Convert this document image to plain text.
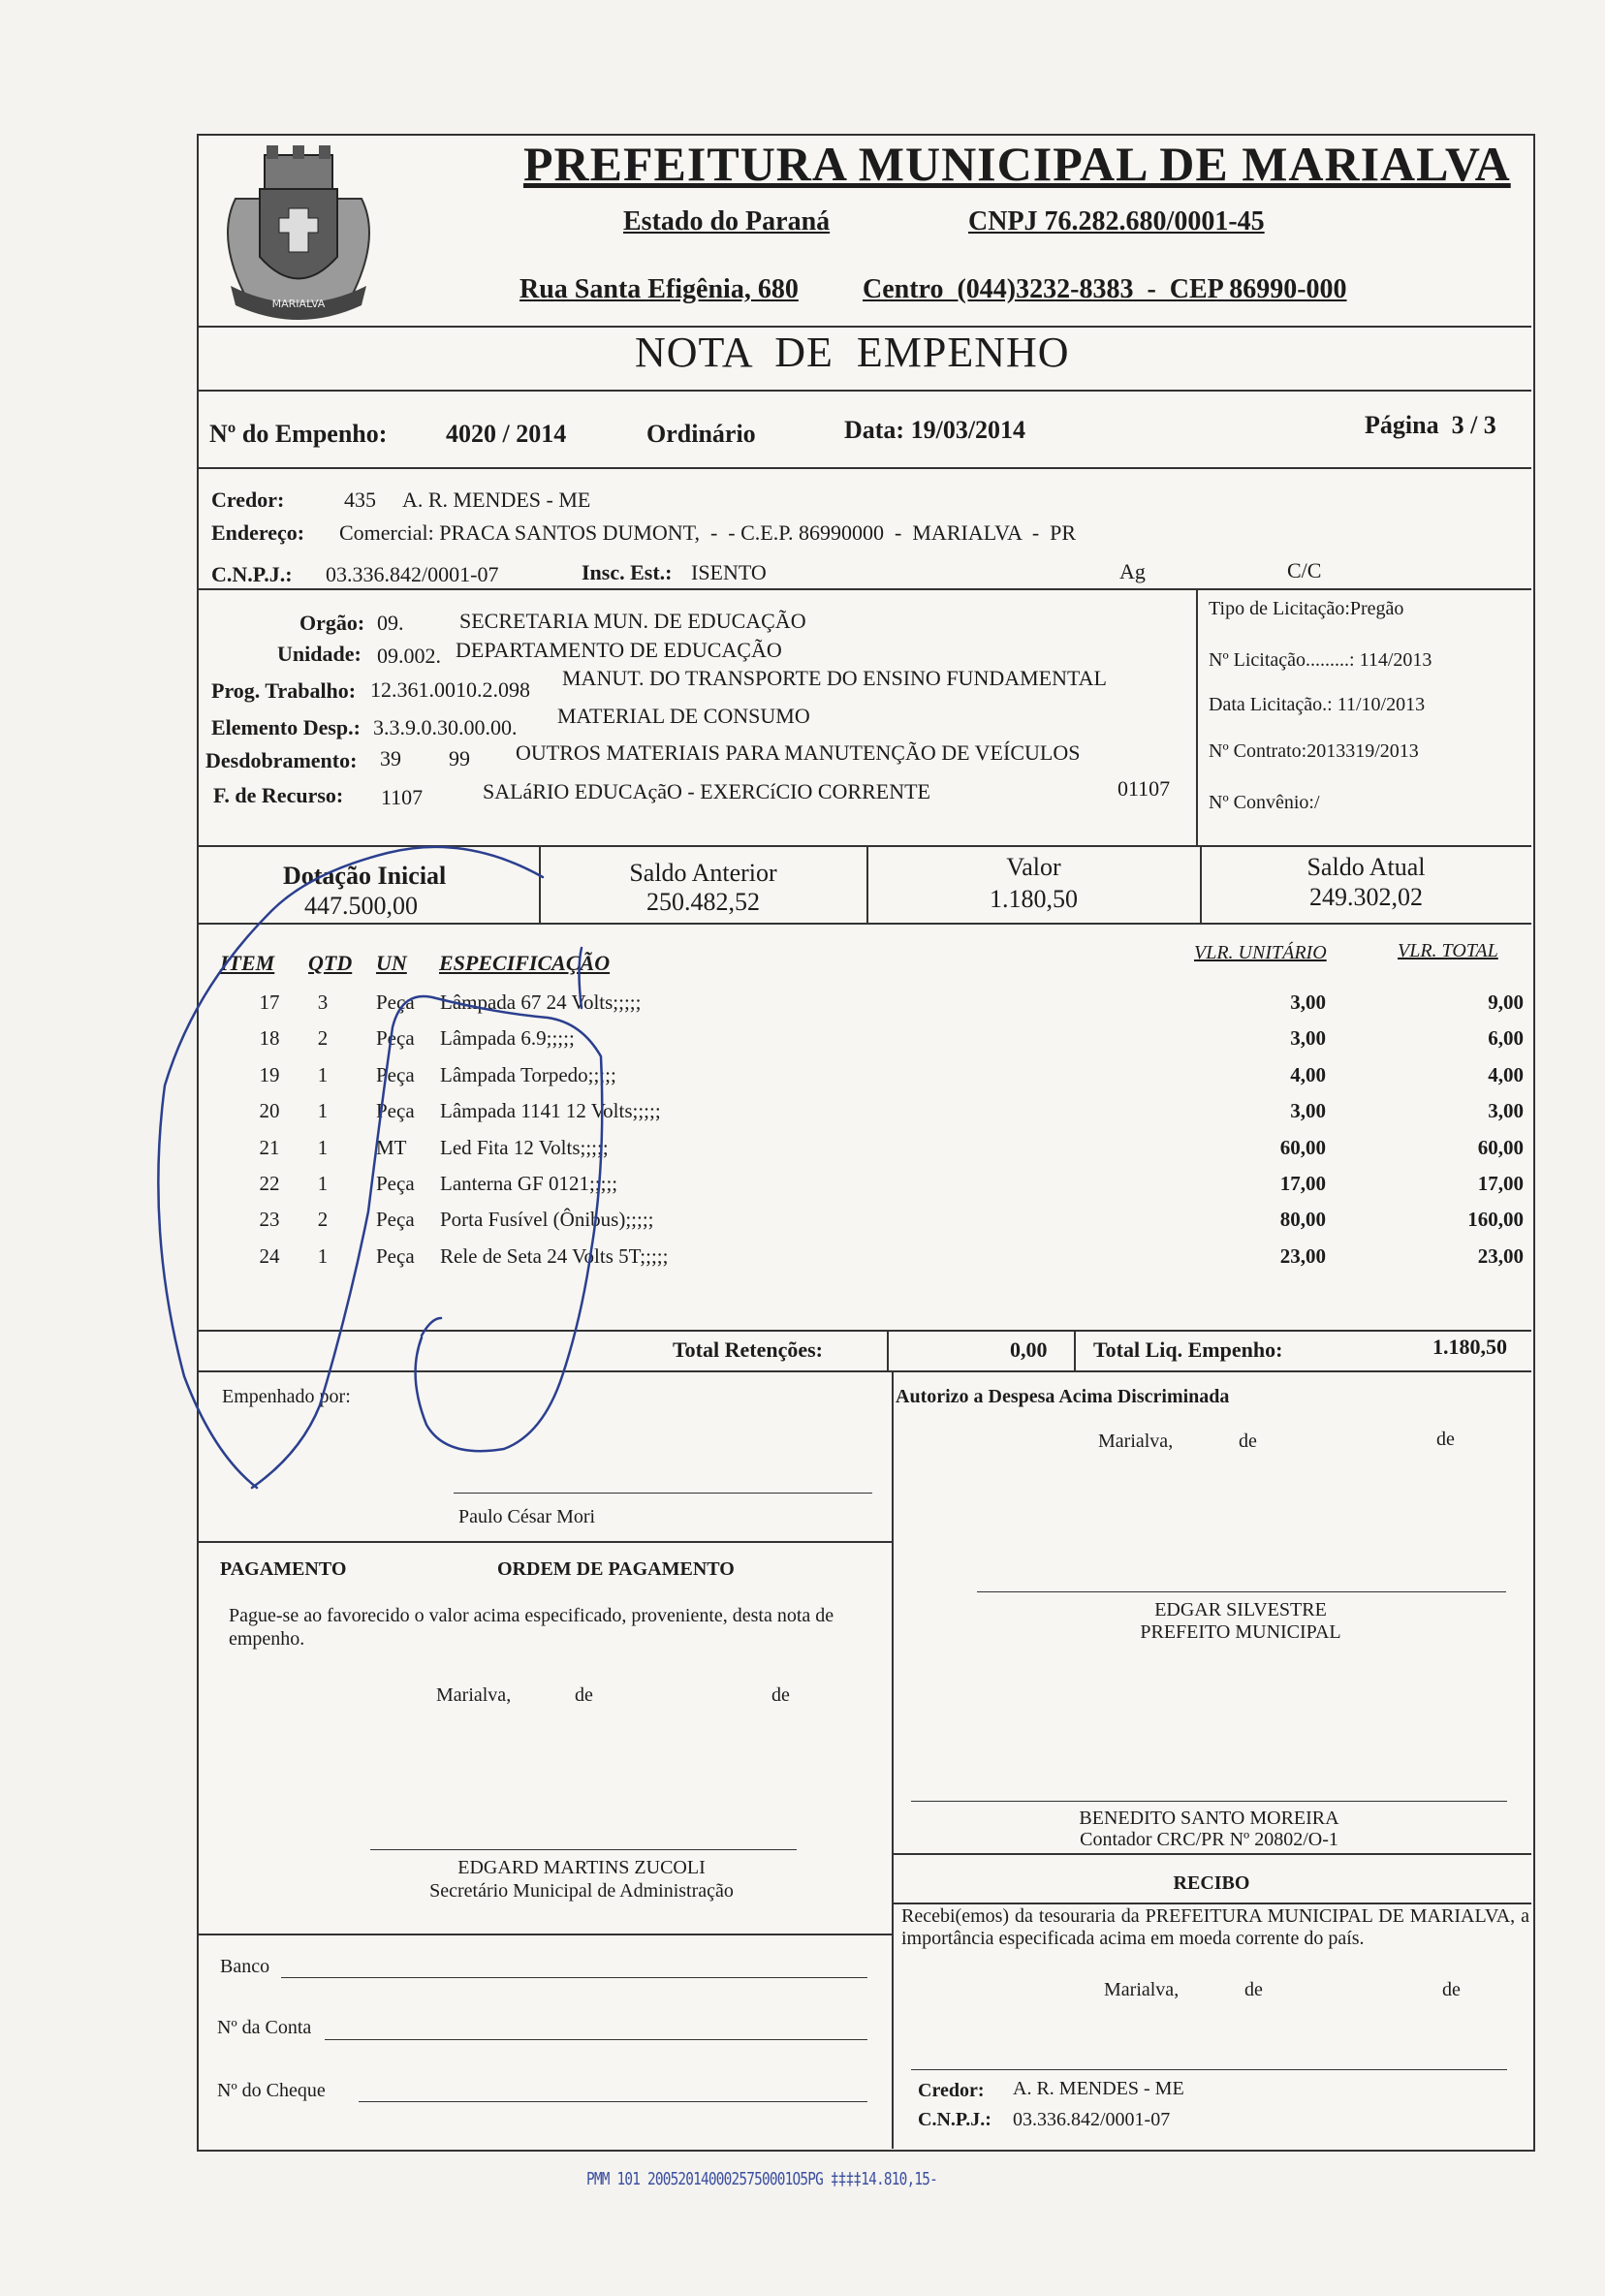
MARIALVA
PREFEITURA MUNICIPAL DE MARIALVA
Estado do Paraná	CNPJ 76.282.680/0001-45
Rua Santa Efigênia, 680 Centro  (044)3232-8383  -  CEP 86990-000
NOTA  DE  EMPENHO
Nº do Empenho: 4020 / 2014	Ordinário	Data: 19/03/2014	Página  3 / 3
Credor:	435 A. R. MENDES - ME
Endereço: Comercial: PRACA SANTOS DUMONT,  -  - C.E.P. 86990000  -  MARIALVA  -  PR
C.N.P.J.: 03.336.842/0001-07	Insc. Est.: ISENTO	Ag	C/C
Orgão: 09.	SECRETARIA MUN. DE EDUCAÇÃO
Unidade: 09.002. DEPARTAMENTO DE EDUCAÇÃO
Prog. Trabalho: 12.361.0010.2.098 MANUT. DO TRANSPORTE DO ENSINO FUNDAMENTAL
Elemento Desp.: 3.3.9.0.30.00.00. MATERIAL DE CONSUMO
Desdobramento: 39 99 OUTROS MATERIAIS PARA MANUTENÇÃO DE VEÍCULOS
F. de Recurso: 1107	SALáRIO EDUCAçãO - EXERCíCIO CORRENTE	01107
Tipo de Licitação:Pregão
Nº Licitação.........: 114/2013
Data Licitação.: 11/10/2013
Nº Contrato:2013319/2013
Nº Convênio:/
Dotação Inicial
447.500,00
Saldo Anterior
250.482,52
Valor
1.180,50
Saldo Atual
249.302,02
ITEM QTD UN ESPECIFICAÇÃO	VLR. UNITÁRIO	VLR. TOTAL
17	3	Peça Lâmpada 67 24 Volts;;;;;	3,00	9,00
18	2	Peça Lâmpada 6.9;;;;;	3,00	6,00
19	1	Peça Lâmpada Torpedo;;;;;	4,00	4,00
20	1	Peça Lâmpada 1141 12 Volts;;;;;	3,00	3,00
21	1	MT Led Fita 12 Volts;;;;;	60,00	60,00
22	1	Peça Lanterna GF 0121;;;;;	17,00	17,00
23	2	Peça Porta Fusível (Ônibus);;;;;	80,00	160,00
24	1	Peça Rele de Seta 24 Volts 5T;;;;;	23,00	23,00
Total Retenções:	0,00 Total Liq. Empenho:	1.180,50
Empenhado por:
Paulo César Mori
Autorizo a Despesa Acima Discriminada
Marialva,	de	de
PAGAMENTO	ORDEM DE PAGAMENTO
Pague-se ao favorecido o valor acima especificado, proveniente, desta nota de empenho.
Marialva,	de	de
EDGARD MARTINS ZUCOLI
Secretário Municipal de Administração
EDGAR SILVESTRE
PREFEITO MUNICIPAL
BENEDITO SANTO MOREIRA
Contador CRC/PR Nº 20802/O-1
RECIBO
Recebi(emos) da tesouraria da PREFEITURA MUNICIPAL DE MARIALVA, a importância especificada acima em moeda corrente do país.
Marialva,	de	de
Credor: A. R. MENDES - ME
C.N.P.J.: 03.336.842/0001-07
Banco
Nº da Conta
Nº do Cheque
PMM 101 2005201400025750001O5PG ‡‡‡‡14.810,15-
